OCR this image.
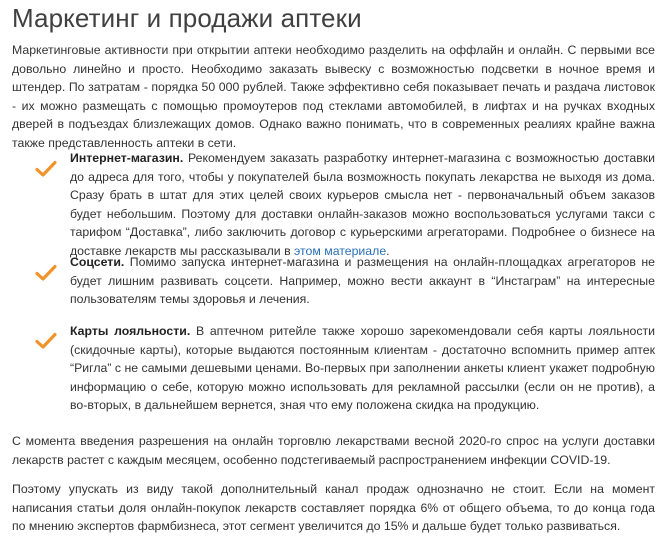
Маркетинг и продажи аптеки

Маркетинговые активности при открытии аптеки необходимо разделить на оффлайн и онлайн. С первыми все довольно линейно и просто. Необходимо заказать вывеску с возможностью подсветки в ночное время и штендер. По затратам - порядка 50 000 рублей. Также эффективно себя показывает печать и раздача листовок - их можно размещать с помощью промоутеров под стеклами автомобилей, в лифтах и на ручках входных дверей в подъездах близлежащих домов. Однако важно понимать, что в современных реалиях крайне важна также представленность аптеки в сети.

Интернет-магазин. Рекомендуем заказать разработку интернет-магазина с возможностью доставки до адреса для того, чтобы у покупателей была возможность покупать лекарства не выходя из дома. Сразу брать в штат для этих целей своих курьеров смысла нет - первоначальный объем заказов будет небольшим. Поэтому для доставки онлайн-заказов можно воспользоваться услугами такси с тарифом “Доставка”, либо заключить договор с курьерскими агрегаторами. Подробнее о бизнесе на доставке лекарств мы рассказывали в этом материале.

Соцсети. Помимо запуска интернет-магазина и размещения на онлайн-площадках агрегаторов не будет лишним развивать соцсети. Например, можно вести аккаунт в “Инстаграм” на интересные пользователям темы здоровья и лечения.

Карты лояльности. В аптечном ритейле также хорошо зарекомендовали себя карты лояльности (скидочные карты), которые выдаются постоянным клиентам - достаточно вспомнить пример аптек “Ригла” с не самыми дешевыми ценами. Во-первых при заполнении анкеты клиент укажет подробную информацию о себе, которую можно использовать для рекламной рассылки (если он не против), а во-вторых, в дальнейшем вернется, зная что ему положена скидка на продукцию.

С момента введения разрешения на онлайн торговлю лекарствами весной 2020-го спрос на услуги доставки лекарств растет с каждым месяцем, особенно подстегиваемый распространением инфекции COVID-19.

Поэтому упускать из виду такой дополнительный канал продаж однозначно не стоит. Если на момент написания статьи доля онлайн-покупок лекарств составляет порядка 6% от общего объема, то до конца года по мнению экспертов фармбизнеса, этот сегмент увеличится до 15% и дальше будет только развиваться.
